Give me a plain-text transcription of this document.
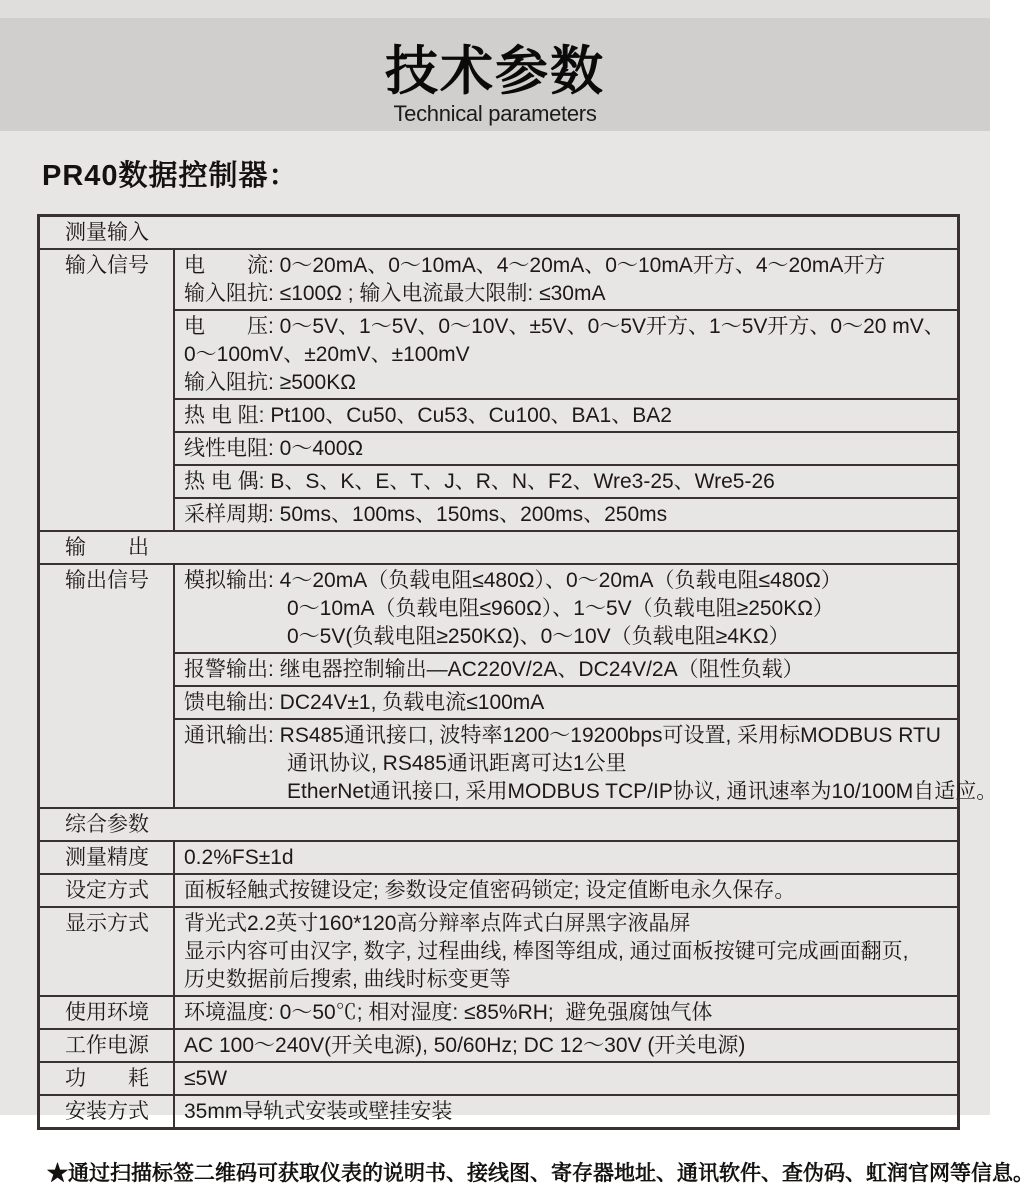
技术参数
Technical parameters
PR40数据控制器：
测量输入
输入信号	电　　流: 0～20mA、0～10mA、4～20mA、0～10mA开方、4～20mA开方
输入阻抗: ≤100Ω ; 输入电流最大限制: ≤30mA
电　　压: 0～5V、1～5V、0～10V、±5V、0～5V开方、1～5V开方、0～20 mV、
0～100mV、±20mV、±100mV
输入阻抗: ≥500KΩ
热 电 阻: Pt100、Cu50、Cu53、Cu100、BA1、BA2
线性电阻: 0～400Ω
热 电 偶: B、S、K、E、T、J、R、N、F2、Wre3-25、Wre5-26
采样周期: 50ms、100ms、150ms、200ms、250ms
输　　出
输出信号	模拟输出: 4～20mA（负载电阻≤480Ω）、0～20mA（负载电阻≤480Ω）
0～10mA（负载电阻≤960Ω）、1～5V（负载电阻≥250KΩ）
0～5V(负载电阻≥250KΩ)、0～10V（负载电阻≥4KΩ）
报警输出: 继电器控制输出—AC220V/2A、DC24V/2A（阻性负载）
馈电输出: DC24V±1, 负载电流≤100mA
通讯输出: RS485通讯接口, 波特率1200～19200bps可设置, 采用标MODBUS RTU
通讯协议, RS485通讯距离可达1公里
EtherNet通讯接口, 采用MODBUS TCP/IP协议, 通讯速率为10/100M自适应。
综合参数
测量精度	0.2%FS±1d
设定方式	面板轻触式按键设定; 参数设定值密码锁定; 设定值断电永久保存。
显示方式	背光式2.2英寸160*120高分辩率点阵式白屏黑字液晶屏
显示内容可由汉字, 数字, 过程曲线, 棒图等组成, 通过面板按键可完成画面翻页,
历史数据前后搜索, 曲线时标变更等
使用环境	环境温度: 0～50℃; 相对湿度: ≤85%RH;  避免强腐蚀气体
工作电源	AC 100～240V(开关电源), 50/60Hz; DC 12～30V (开关电源)
功　　耗	≤5W
安装方式	35mm导轨式安装或壁挂安装

★通过扫描标签二维码可获取仪表的说明书、接线图、寄存器地址、通讯软件、查伪码、虹润官网等信息。
